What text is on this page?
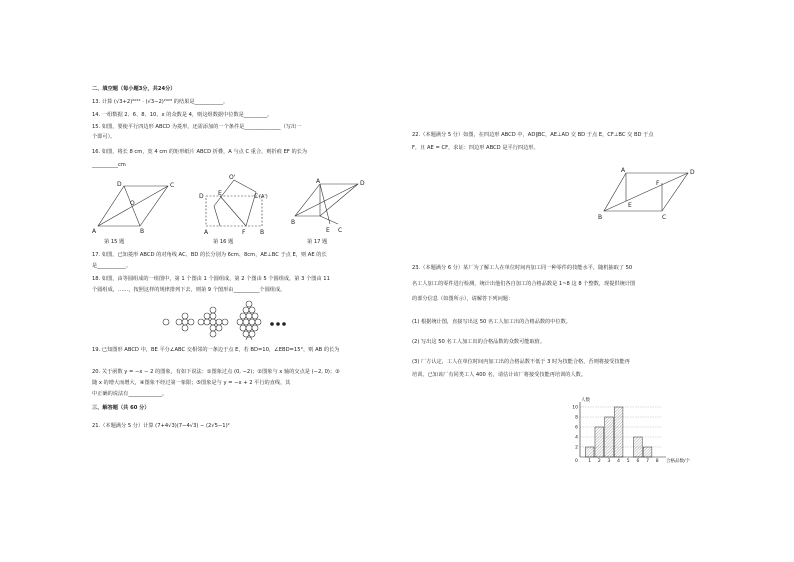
二、填空题（每小题3分，共24分）
13. 计算 (√3+2)²⁰²² · (√3−2)²⁰²³ 的结果是___________。
14. 一组数据 2、6、8、10、x 的众数是 4，则这组数据中位数是_________。
15. 如图，要使平行四边形 ABCD 为菱形，还需添加的一个条件是______________（写出一
个即可）。
16. 如图，将长 8 cm，宽 4 cm 的矩形纸片 ABCD 折叠，A 与点 C 重合，则折痕 EF 的长为
__________cm
A	B
C
D
O
第 15 题
A	B
C
D E
F
O'
(A')
第 16 题
A
B
C
D
E
第 17 题
17. 如图，已知菱形 ABCD 的对角线 AC、BD 的长分别为 6cm、8cm，AE⊥BC 于点 E，则 AE 的长
是___________。
18. 如图，由等圆组成的一组图中，第 1 个图由 1 个圆组成，第 2 个图由 5 个圆组成，第 3 个图由 11
个圆组成，……，按照这样的规律排列下去，则第 9 个图形由__________个圆组成。
19. 已知图形 ABCD 中，BE 平分∠ABC 交相邻的一条边于点 E，若 BD=10，∠EBD=15°，则 AB 的长为
20. 关于函数 y = −x − 2 的图象，有如下说法：①图象过点 (0, −2)；②图象与 x 轴的交点是 (−2, 0)；③
随 x 的增大而增大，④图象不经过第一象限；⑤图象是与 y = −x + 2 平行的直线，其
中正确的说法有_____________。
三、解答题（共 60 分）
21.（本题满分 5 分）计算 (7+4√3)(7−4√3) − (2√5−1)²
22.（本题满分 5 分）如图，在四边形 ABCD 中，AD∥BC，AE⊥AD 交 BD 于点 E，CF⊥BC 交 BD 于点
F，且 AE = CF，求证：四边形 ABCD 是平行四边形。
A
B	C
D
E
F
23.（本题满分 6 分）某厂为了解工人在单位时间内加工同一种零件的技能水平，随机抽取了 50
名工人加工的零件进行检测，统计出他们各自加工的合格品数是 1~8 这 8 个整数，现提供统计图
的部分信息（如图所示），请解答下列问题：
(1) 根据统计图，直接写出这 50 名工人加工出的合格品数的中位数。
(2) 写出这 50 名工人加工出的合格品数的众数可能取值。
(3) 厂方认定，工人在单位时间内加工出的合格品数不低于 3 时为技能合格，否则将接受技能再
培训。已知该厂有同类工人 400 名，请估计该厂将接受技能再培训的人数。
人数
合格品数/个
0
2
4
6
8
10
1 2 3 4 5 6 7 8
